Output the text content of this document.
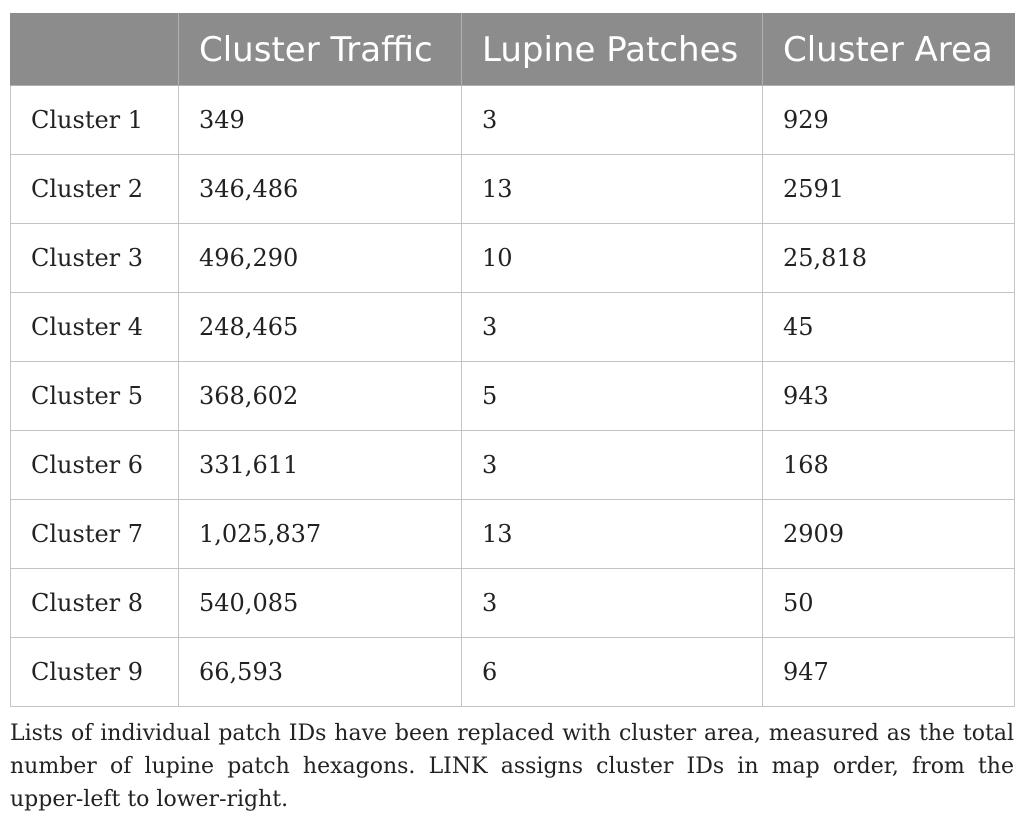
	Cluster Traffic	Lupine Patches	Cluster Area
Cluster 1	349	3	929
Cluster 2	346,486	13	2591
Cluster 3	496,290	10	25,818
Cluster 4	248,465	3	45
Cluster 5	368,602	5	943
Cluster 6	331,611	3	168
Cluster 7	1,025,837	13	2909
Cluster 8	540,085	3	50
Cluster 9	66,593	6	947

Lists of individual patch IDs have been replaced with cluster area, measured as the total number of lupine patch hexagons. LINK assigns cluster IDs in map order, from the upper-left to lower-right.
